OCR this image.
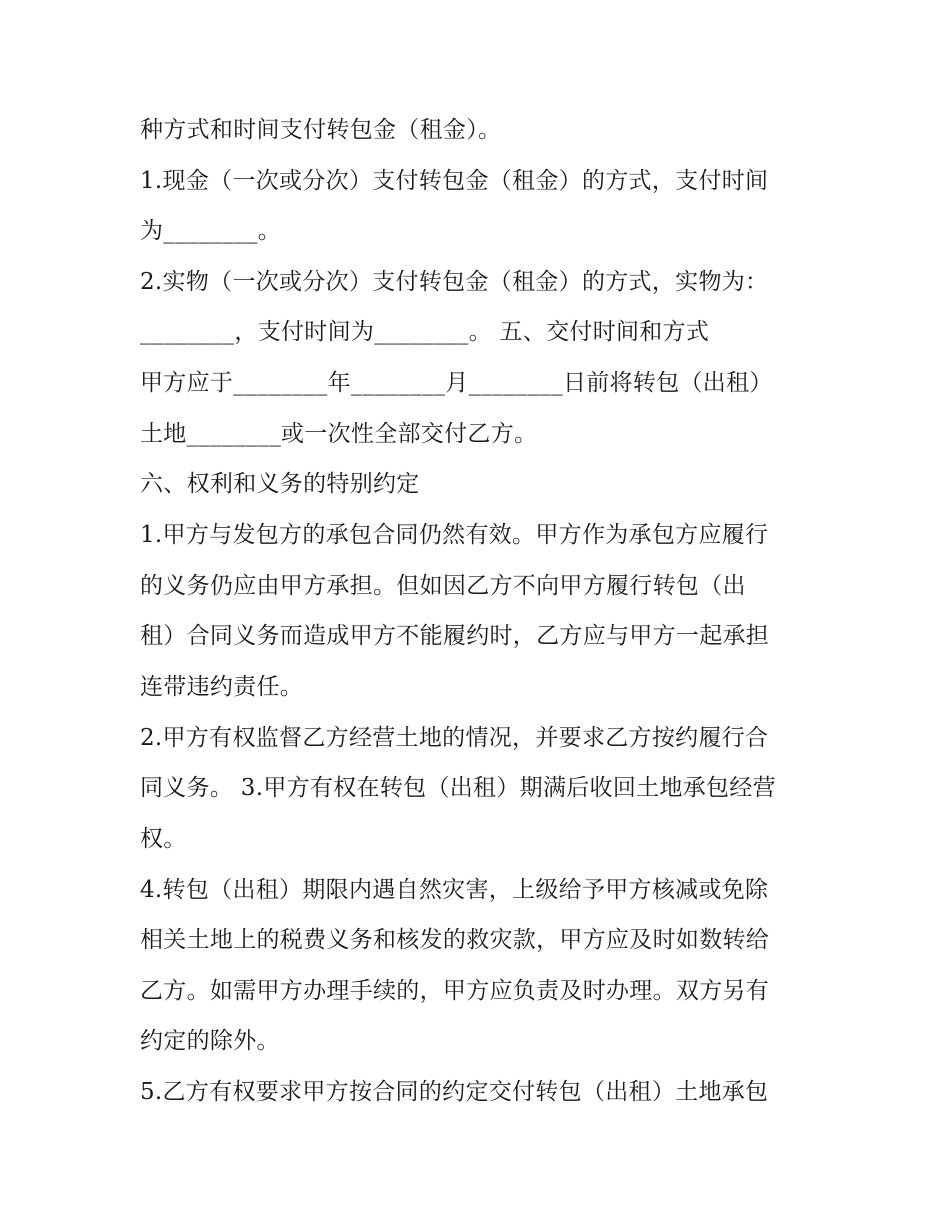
种方式和时间支付转包金（租金）。
1.现金（一次或分次）支付转包金（租金）的方式，支付时间
为________。
2.实物（一次或分次）支付转包金（租金）的方式，实物为：
________，支付时间为________。 五、交付时间和方式
甲方应于________年________月________日前将转包（出租）
土地________或一次性全部交付乙方。
六、权利和义务的特别约定
1.甲方与发包方的承包合同仍然有效。甲方作为承包方应履行
的义务仍应由甲方承担。但如因乙方不向甲方履行转包（出
租）合同义务而造成甲方不能履约时，乙方应与甲方一起承担
连带违约责任。
2.甲方有权监督乙方经营土地的情况，并要求乙方按约履行合
同义务。 3.甲方有权在转包（出租）期满后收回土地承包经营
权。
4.转包（出租）期限内遇自然灾害，上级给予甲方核减或免除
相关土地上的税费义务和核发的救灾款，甲方应及时如数转给
乙方。如需甲方办理手续的，甲方应负责及时办理。双方另有
约定的除外。
5.乙方有权要求甲方按合同的约定交付转包（出租）土地承包
